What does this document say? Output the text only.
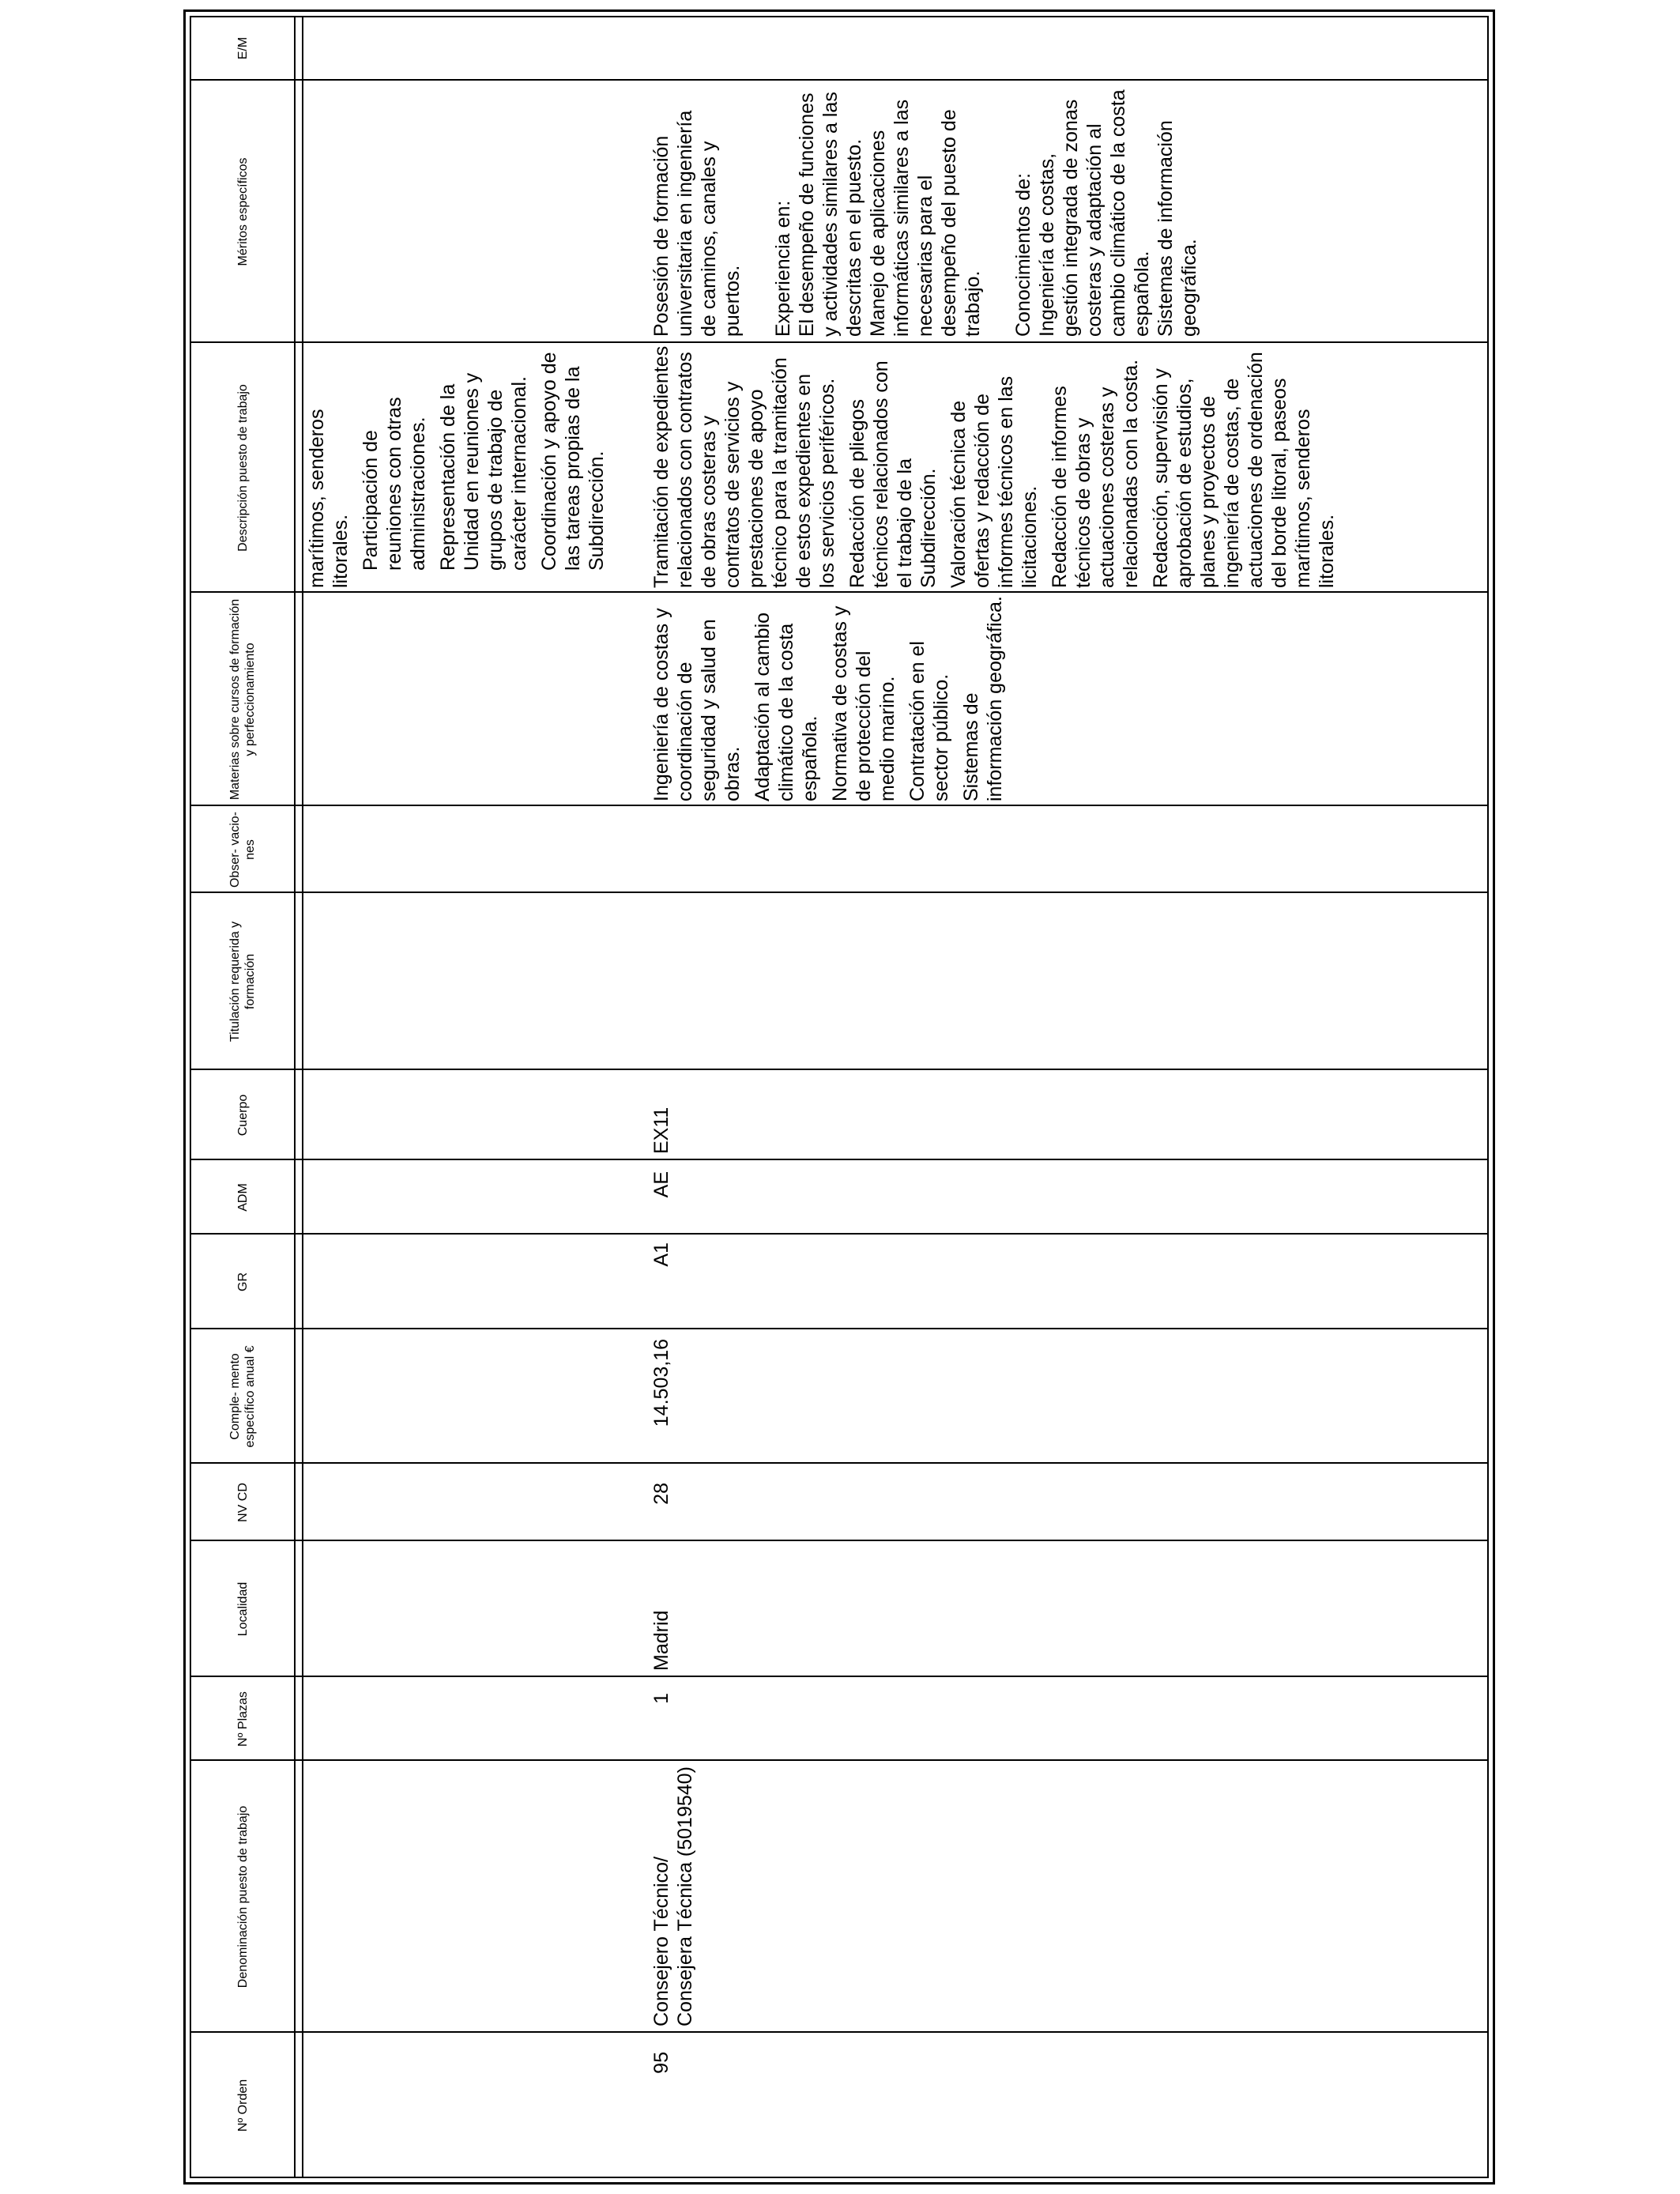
Nº Orden
Denominación puesto de trabajo
Nº Plazas
Localidad
NV CD
Comple- mento específico anual €
GR
ADM
Cuerpo
Titulación requerida y formación
Obser- vacio- nes
Materias sobre cursos de formación y perfeccionamiento
Descripción puesto de trabajo
Méritos específicos
E/M

marítimos, senderos litorales. Participación de reuniones con otras administraciones. Representación de la Unidad en reuniones y grupos de trabajo de carácter internacional. Coordinación y apoyo de las tareas propias de la Subdirección.

95
Consejero Técnico/ Consejera Técnica (5019540)
1
Madrid
28
14.503,16
A1
AE
EX11

Ingeniería de costas y coordinación de seguridad y salud en obras. Adaptación al cambio climático de la costa española. Normativa de costas y de protección del medio marino. Contratación en el sector público. Sistemas de información geográfica.

Tramitación de expedientes relacionados con contratos de obras costeras y contratos de servicios y prestaciones de apoyo técnico para la tramitación de estos expedientes en los servicios periféricos. Redacción de pliegos técnicos relacionados con el trabajo de la Subdirección. Valoración técnica de ofertas y redacción de informes técnicos en las licitaciones. Redacción de informes técnicos de obras y actuaciones costeras y relacionadas con la costa. Redacción, supervisión y aprobación de estudios, planes y proyectos de ingeniería de costas, de actuaciones de ordenación del borde litoral, paseos marítimos, senderos litorales.

Posesión de formación universitaria en ingeniería de caminos, canales y puertos. Experiencia en: El desempeño de funciones y actividades similares a las descritas en el puesto. Manejo de aplicaciones informáticas similares a las necesarias para el desempeño del puesto de trabajo. Conocimientos de: Ingeniería de costas, gestión integrada de zonas costeras y adaptación al cambio climático de la costa española. Sistemas de información geográfica.
